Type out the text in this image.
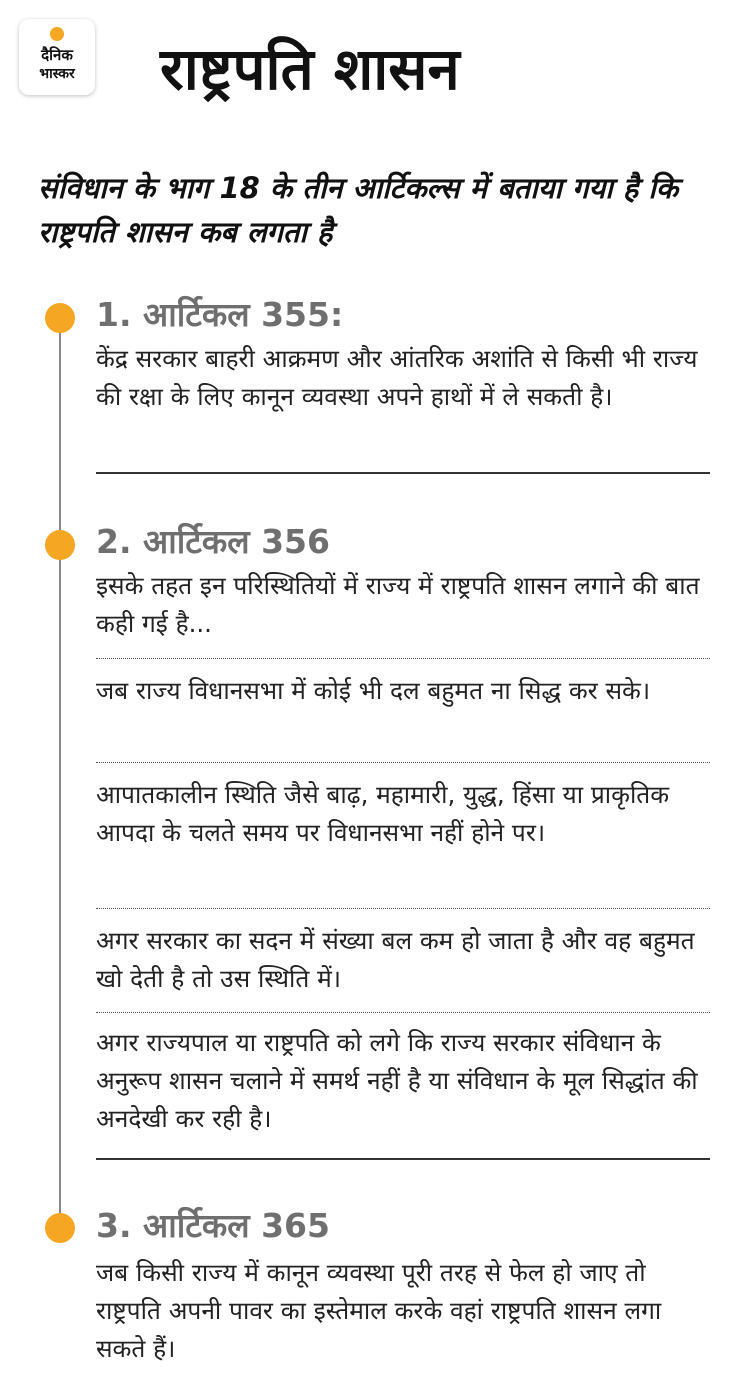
दैनिक
भास्कर	राष्ट्रपति शासन
संविधान के भाग 18 के तीन आर्टिकल्स में बताया गया है कि राष्ट्रपति शासन कब लगता है
1. आर्टिकल 355:
केंद्र सरकार बाहरी आक्रमण और आंतरिक अशांति से किसी भी राज्य की रक्षा के लिए कानून व्यवस्था अपने हाथों में ले सकती है।
2. आर्टिकल 356
इसके तहत इन परिस्थितियों में राज्य में राष्ट्रपति शासन लगाने की बात कही गई है...
जब राज्य विधानसभा में कोई भी दल बहुमत ना सिद्ध कर सके।
आपातकालीन स्थिति जैसे बाढ़, महामारी, युद्ध, हिंसा या प्राकृतिक आपदा के चलते समय पर विधानसभा नहीं होने पर।
अगर सरकार का सदन में संख्या बल कम हो जाता है और वह बहुमत खो देती है तो उस स्थिति में।
अगर राज्यपाल या राष्ट्रपति को लगे कि राज्य सरकार संविधान के अनुरूप शासन चलाने में समर्थ नहीं है या संविधान के मूल सिद्धांत की अनदेखी कर रही है।
3. आर्टिकल 365
जब किसी राज्य में कानून व्यवस्था पूरी तरह से फेल हो जाए तो राष्ट्रपति अपनी पावर का इस्तेमाल करके वहां राष्ट्रपति शासन लगा सकते हैं।
